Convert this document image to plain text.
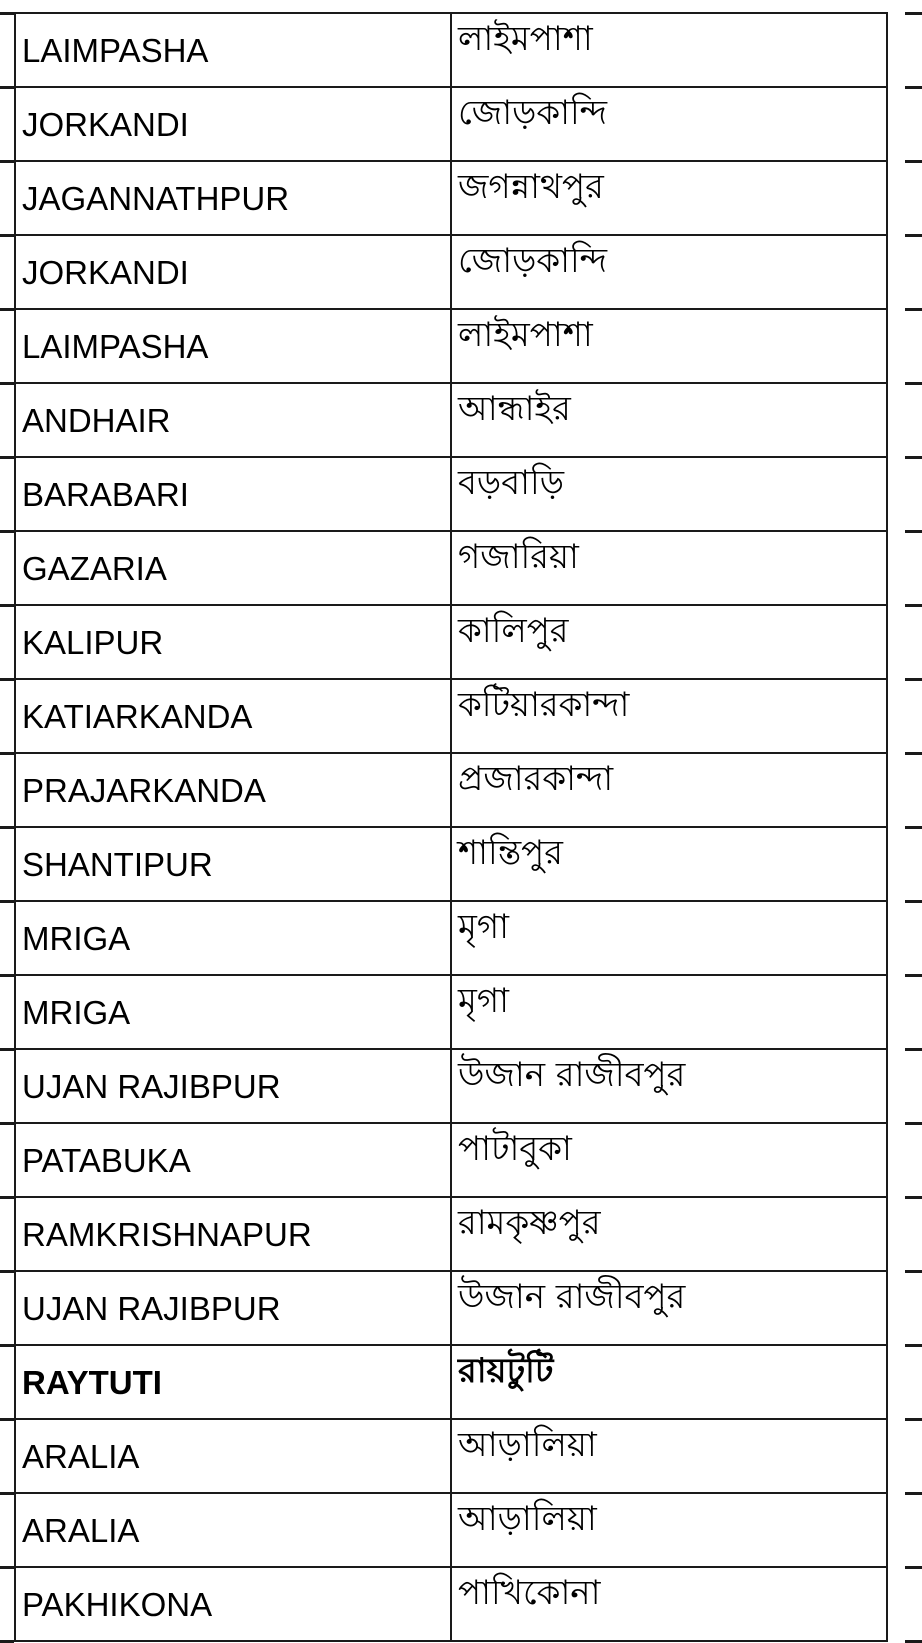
LAIMPASHA	লাইমপাশা
JORKANDI	জোড়কান্দি
JAGANNATHPUR	জগন্নাথপুর
JORKANDI	জোড়কান্দি
LAIMPASHA	লাইমপাশা
ANDHAIR	আন্ধাইর
BARABARI	বড়বাড়ি
GAZARIA	গজারিয়া
KALIPUR	কালিপুর
KATIARKANDA	কটিয়ারকান্দা
PRAJARKANDA	প্রজারকান্দা
SHANTIPUR	শান্তিপুর
MRIGA	মৃগা
MRIGA	মৃগা
UJAN RAJIBPUR	উজান রাজীবপুর
PATABUKA	পাটাবুকা
RAMKRISHNAPUR	রামকৃষ্ণপুর
UJAN RAJIBPUR	উজান রাজীবপুর
RAYTUTI	রায়টুটি
ARALIA	আড়ালিয়া
ARALIA	আড়ালিয়া
PAKHIKONA	পাখিকোনা
